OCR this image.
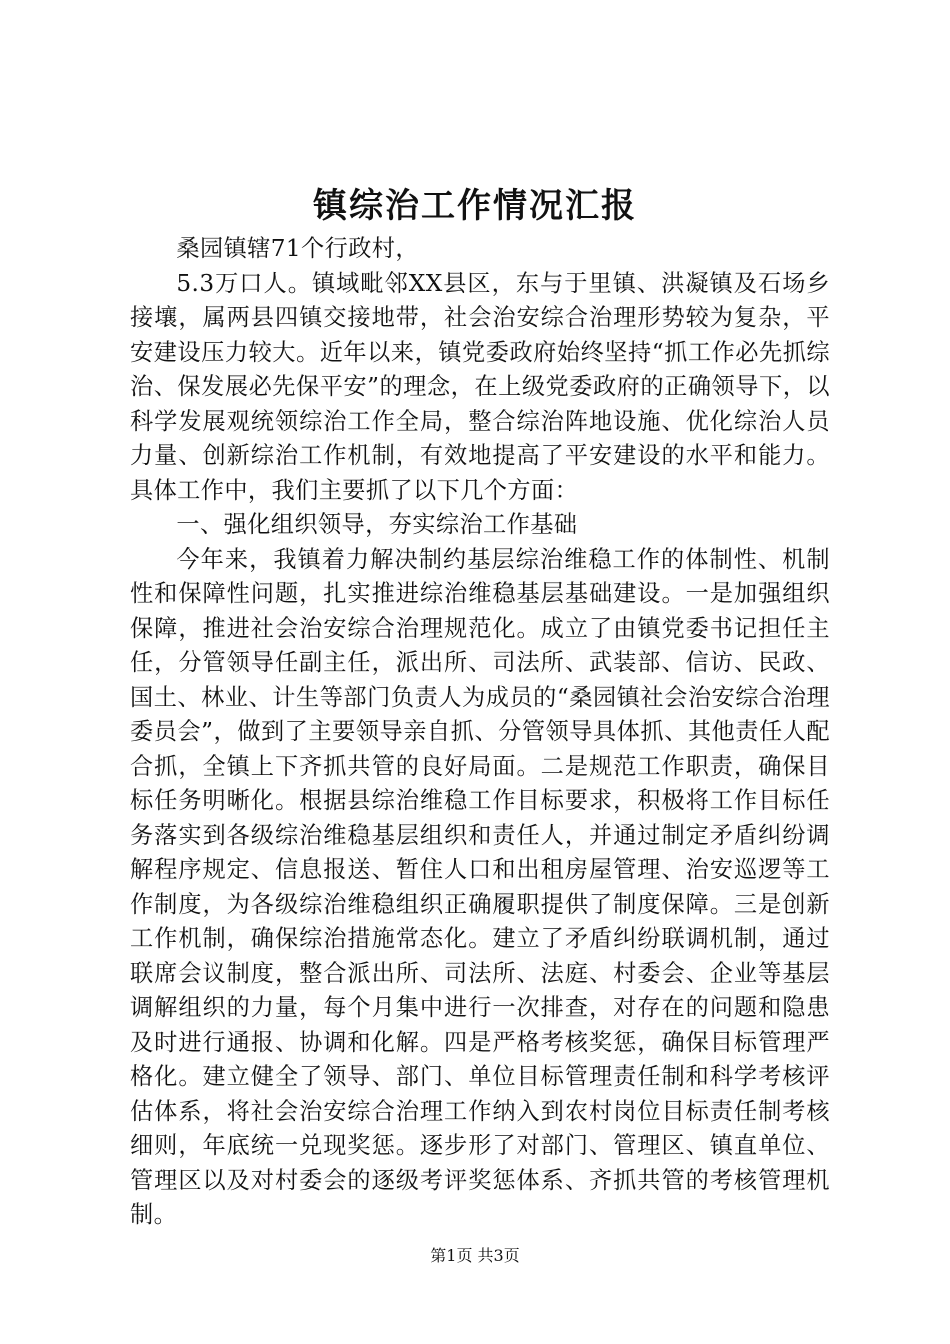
镇综治工作情况汇报

桑园镇辖71个行政村，

5.3万口人。镇域毗邻XX县区，东与于里镇、洪凝镇及石场乡接壤，属两县四镇交接地带，社会治安综合治理形势较为复杂，平安建设压力较大。近年以来，镇党委政府始终坚持“抓工作必先抓综治、保发展必先保平安”的理念，在上级党委政府的正确领导下，以科学发展观统领综治工作全局，整合综治阵地设施、优化综治人员力量、创新综治工作机制，有效地提高了平安建设的水平和能力。具体工作中，我们主要抓了以下几个方面：

一、强化组织领导，夯实综治工作基础

今年来，我镇着力解决制约基层综治维稳工作的体制性、机制性和保障性问题，扎实推进综治维稳基层基础建设。一是加强组织保障，推进社会治安综合治理规范化。成立了由镇党委书记担任主任，分管领导任副主任，派出所、司法所、武装部、信访、民政、国土、林业、计生等部门负责人为成员的“桑园镇社会治安综合治理委员会”，做到了主要领导亲自抓、分管领导具体抓、其他责任人配合抓，全镇上下齐抓共管的良好局面。二是规范工作职责，确保目标任务明晰化。根据县综治维稳工作目标要求，积极将工作目标任务落实到各级综治维稳基层组织和责任人，并通过制定矛盾纠纷调解程序规定、信息报送、暂住人口和出租房屋管理、治安巡逻等工作制度，为各级综治维稳组织正确履职提供了制度保障。三是创新工作机制，确保综治措施常态化。建立了矛盾纠纷联调机制，通过联席会议制度，整合派出所、司法所、法庭、村委会、企业等基层调解组织的力量，每个月集中进行一次排查，对存在的问题和隐患及时进行通报、协调和化解。四是严格考核奖惩，确保目标管理严格化。建立健全了领导、部门、单位目标管理责任制和科学考核评估体系，将社会治安综合治理工作纳入到农村岗位目标责任制考核细则，年底统一兑现奖惩。逐步形了对部门、管理区、镇直单位、管理区以及对村委会的逐级考评奖惩体系、齐抓共管的考核管理机制。

第1页 共3页
